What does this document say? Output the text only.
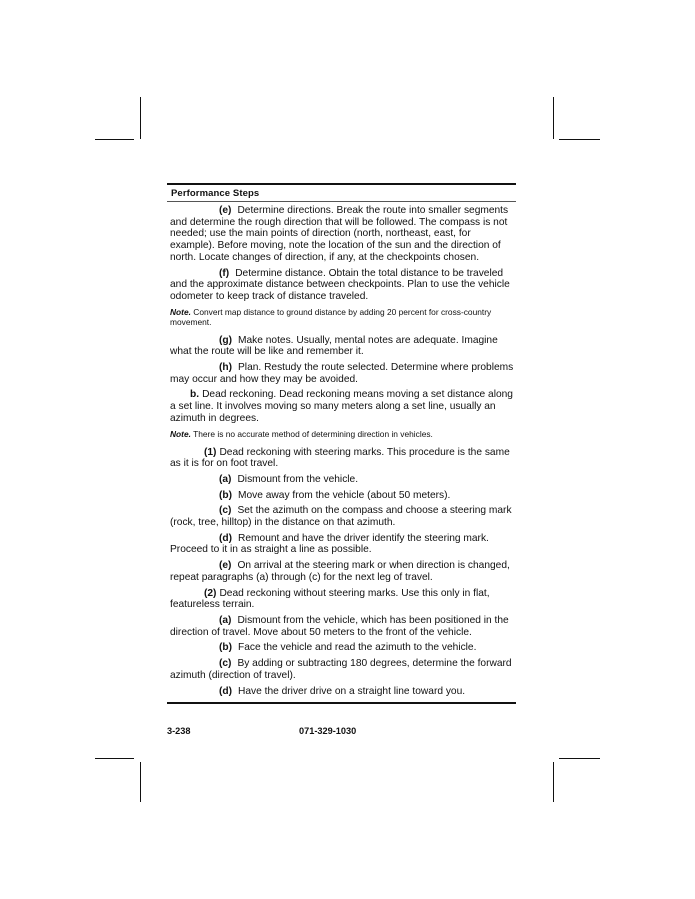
Performance Steps

(e) Determine directions. Break the route into smaller segments and determine the rough direction that will be followed. The compass is not needed; use the main points of direction (north, northeast, east, for example). Before moving, note the location of the sun and the direction of north. Locate changes of direction, if any, at the checkpoints chosen.

(f) Determine distance. Obtain the total distance to be traveled and the approximate distance between checkpoints. Plan to use the vehicle odometer to keep track of distance traveled.

Note. Convert map distance to ground distance by adding 20 percent for cross-country movement.

(g) Make notes. Usually, mental notes are adequate. Imagine what the route will be like and remember it.

(h) Plan. Restudy the route selected. Determine where problems may occur and how they may be avoided.

b. Dead reckoning. Dead reckoning means moving a set distance along a set line. It involves moving so many meters along a set line, usually an azimuth in degrees.

Note. There is no accurate method of determining direction in vehicles.

(1) Dead reckoning with steering marks. This procedure is the same as it is for on foot travel.

(a) Dismount from the vehicle.

(b) Move away from the vehicle (about 50 meters).

(c) Set the azimuth on the compass and choose a steering mark (rock, tree, hilltop) in the distance on that azimuth.

(d) Remount and have the driver identify the steering mark. Proceed to it in as straight a line as possible.

(e) On arrival at the steering mark or when direction is changed, repeat paragraphs (a) through (c) for the next leg of travel.

(2) Dead reckoning without steering marks. Use this only in flat, featureless terrain.

(a) Dismount from the vehicle, which has been positioned in the direction of travel. Move about 50 meters to the front of the vehicle.

(b) Face the vehicle and read the azimuth to the vehicle.

(c) By adding or subtracting 180 degrees, determine the forward azimuth (direction of travel).

(d) Have the driver drive on a straight line toward you.

3-238	071-329-1030
